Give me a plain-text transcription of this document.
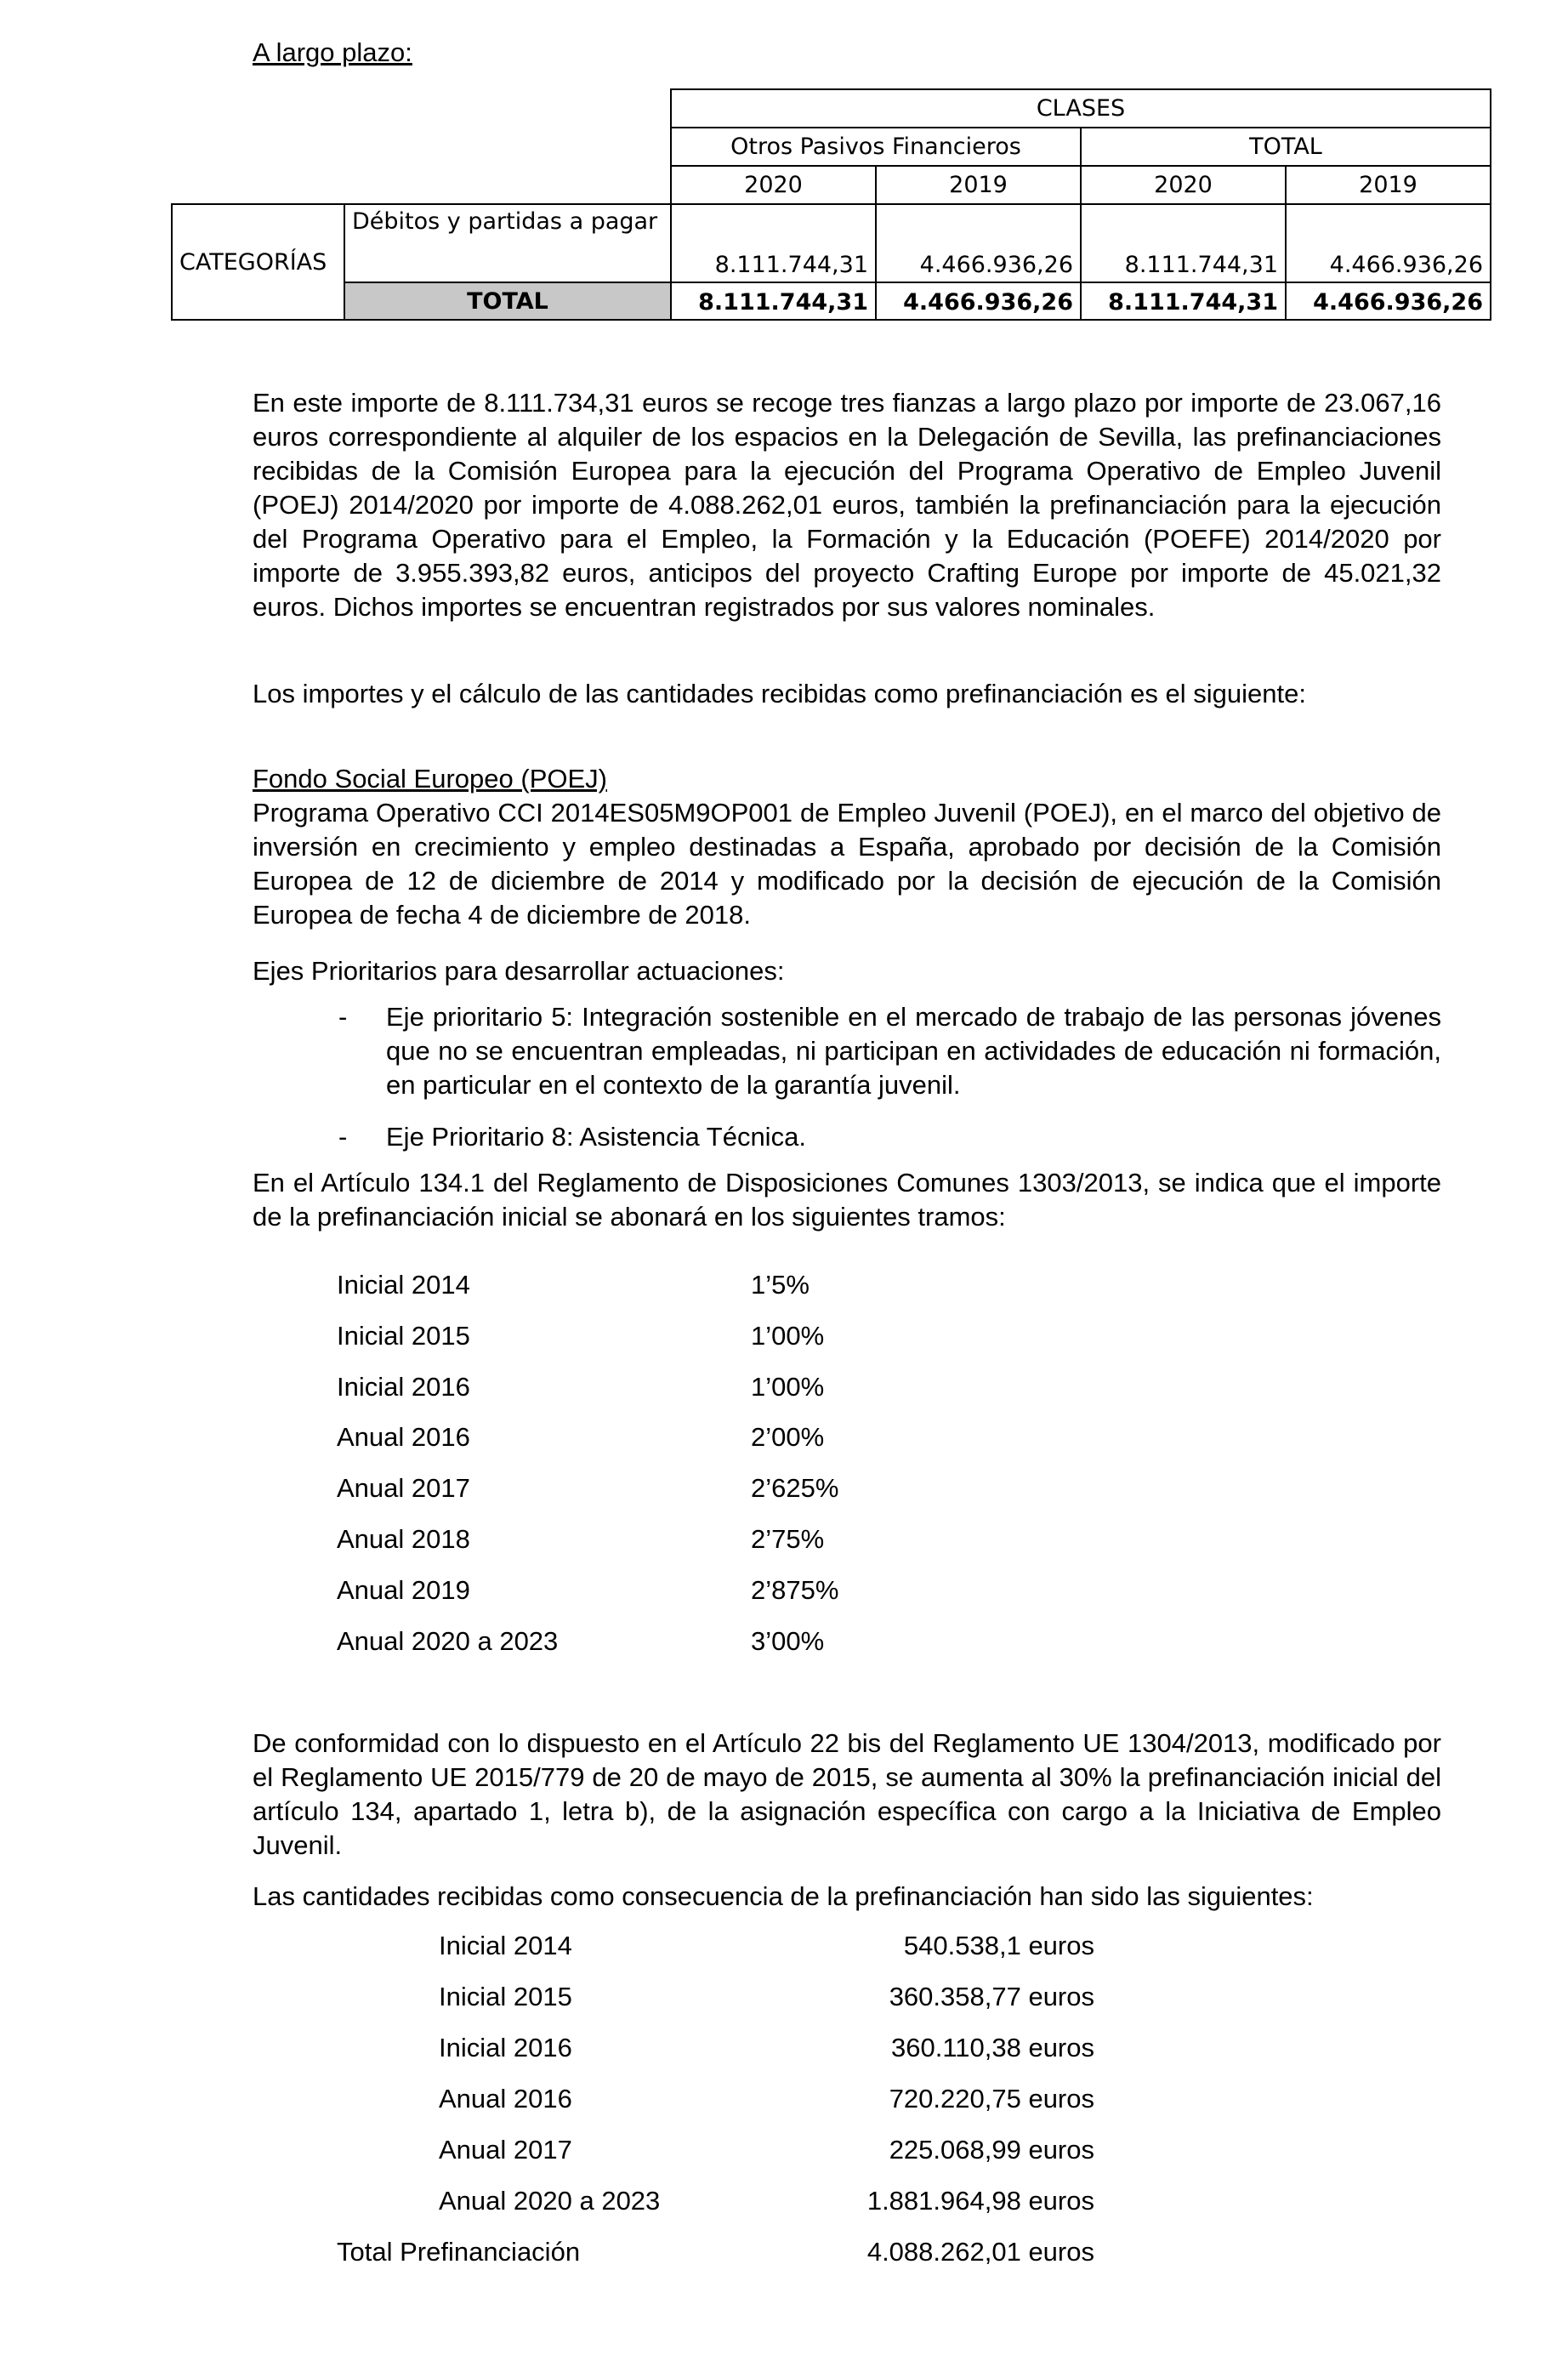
A largo plazo:
		CLASES			
		Otros Pasivos Financieros		TOTAL	
		2020	2019	2020	2019
CATEGORÍAS	Débitos y partidas a pagar	8.111.744,31	4.466.936,26	8.111.744,31	4.466.936,26
	TOTAL	8.111.744,31	4.466.936,26	8.111.744,31	4.466.936,26

En este importe de 8.111.734,31 euros se recoge tres fianzas a largo plazo por importe de 23.067,16 euros correspondiente al alquiler de los espacios en la Delegación de Sevilla, las prefinanciaciones recibidas de la Comisión Europea para la ejecución del Programa Operativo de Empleo Juvenil (POEJ) 2014/2020 por importe de 4.088.262,01 euros, también la prefinanciación para la ejecución del Programa Operativo para el Empleo, la Formación y la Educación (POEFE) 2014/2020 por importe de 3.955.393,82 euros, anticipos del proyecto Crafting Europe por importe de 45.021,32 euros. Dichos importes se encuentran registrados por sus valores nominales.

Los importes y el cálculo de las cantidades recibidas como prefinanciación es el siguiente:

Fondo Social Europeo (POEJ)

Programa Operativo CCI 2014ES05M9OP001 de Empleo Juvenil (POEJ), en el marco del objetivo de inversión en crecimiento y empleo destinadas a España, aprobado por decisión de la Comisión Europea de 12 de diciembre de 2014 y modificado por la decisión de ejecución de la Comisión Europea de fecha 4 de diciembre de 2018.

Ejes Prioritarios para desarrollar actuaciones:

- Eje prioritario 5: Integración sostenible en el mercado de trabajo de las personas jóvenes que no se encuentran empleadas, ni participan en actividades de educación ni formación, en particular en el contexto de la garantía juvenil.

- Eje Prioritario 8: Asistencia Técnica.

En el Artículo 134.1 del Reglamento de Disposiciones Comunes 1303/2013, se indica que el importe de la prefinanciación inicial se abonará en los siguientes tramos:

Inicial 2014	1’5%
Inicial 2015	1’00%
Inicial 2016	1’00%
Anual 2016	2’00%
Anual 2017	2’625%
Anual 2018	2’75%
Anual 2019	2’875%
Anual 2020 a 2023	3’00%

De conformidad con lo dispuesto en el Artículo 22 bis del Reglamento UE 1304/2013, modificado por el Reglamento UE 2015/779 de 20 de mayo de 2015, se aumenta al 30% la prefinanciación inicial del artículo 134, apartado 1, letra b), de la asignación específica con cargo a la Iniciativa de Empleo Juvenil.

Las cantidades recibidas como consecuencia de la prefinanciación han sido las siguientes:

Inicial 2014	540.538,1 euros
Inicial 2015	360.358,77 euros
Inicial 2016	360.110,38 euros
Anual 2016	720.220,75 euros
Anual 2017	225.068,99 euros
Anual 2020 a 2023	1.881.964,98 euros
Total Prefinanciación	4.088.262,01 euros
